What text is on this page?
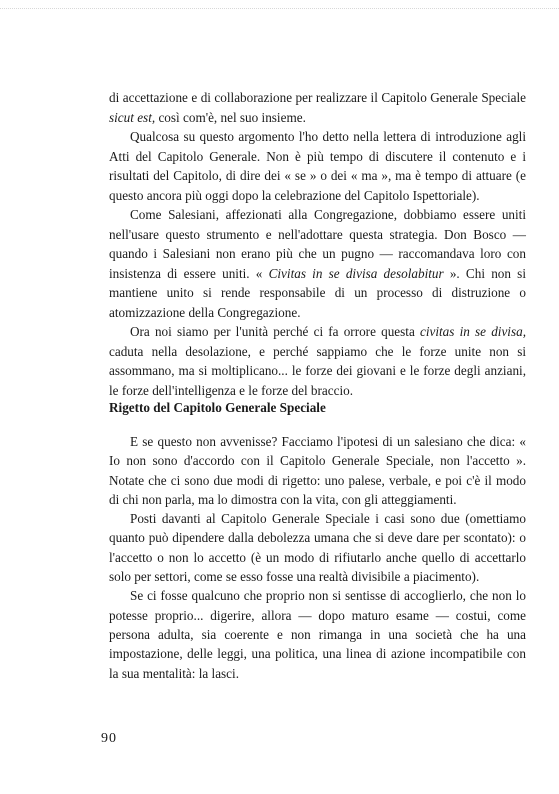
di accettazione e di collaborazione per realizzare il Capitolo Generale Speciale sicut est, così com'è, nel suo insieme.

Qualcosa su questo argomento l'ho detto nella lettera di introduzione agli Atti del Capitolo Generale. Non è più tempo di discutere il contenuto e i risultati del Capitolo, di dire dei « se » o dei « ma », ma è tempo di attuare (e questo ancora più oggi dopo la celebrazione del Capitolo Ispettoriale).

Come Salesiani, affezionati alla Congregazione, dobbiamo essere uniti nell'usare questo strumento e nell'adottare questa strategia. Don Bosco — quando i Salesiani non erano più che un pugno — raccomandava loro con insistenza di essere uniti. « Civitas in se divisa desolabitur ». Chi non si mantiene unito si rende responsabile di un processo di distruzione o atomizzazione della Congregazione.

Ora noi siamo per l'unità perché ci fa orrore questa civitas in se divisa, caduta nella desolazione, e perché sappiamo che le forze unite non si assommano, ma si moltiplicano... le forze dei giovani e le forze degli anziani, le forze dell'intelligenza e le forze del braccio.

Rigetto del Capitolo Generale Speciale

E se questo non avvenisse? Facciamo l'ipotesi di un salesiano che dica: « Io non sono d'accordo con il Capitolo Generale Speciale, non l'accetto ». Notate che ci sono due modi di rigetto: uno palese, verbale, e poi c'è il modo di chi non parla, ma lo dimostra con la vita, con gli atteggiamenti.

Posti davanti al Capitolo Generale Speciale i casi sono due (omettiamo quanto può dipendere dalla debolezza umana che si deve dare per scontato): o l'accetto o non lo accetto (è un modo di rifiutarlo anche quello di accettarlo solo per settori, come se esso fosse una realtà divisibile a piacimento).

Se ci fosse qualcuno che proprio non si sentisse di accoglierlo, che non lo potesse proprio... digerire, allora — dopo maturo esame — costui, come persona adulta, sia coerente e non rimanga in una società che ha una impostazione, delle leggi, una politica, una linea di azione incompatibile con la sua mentalità: la lasci.

90
